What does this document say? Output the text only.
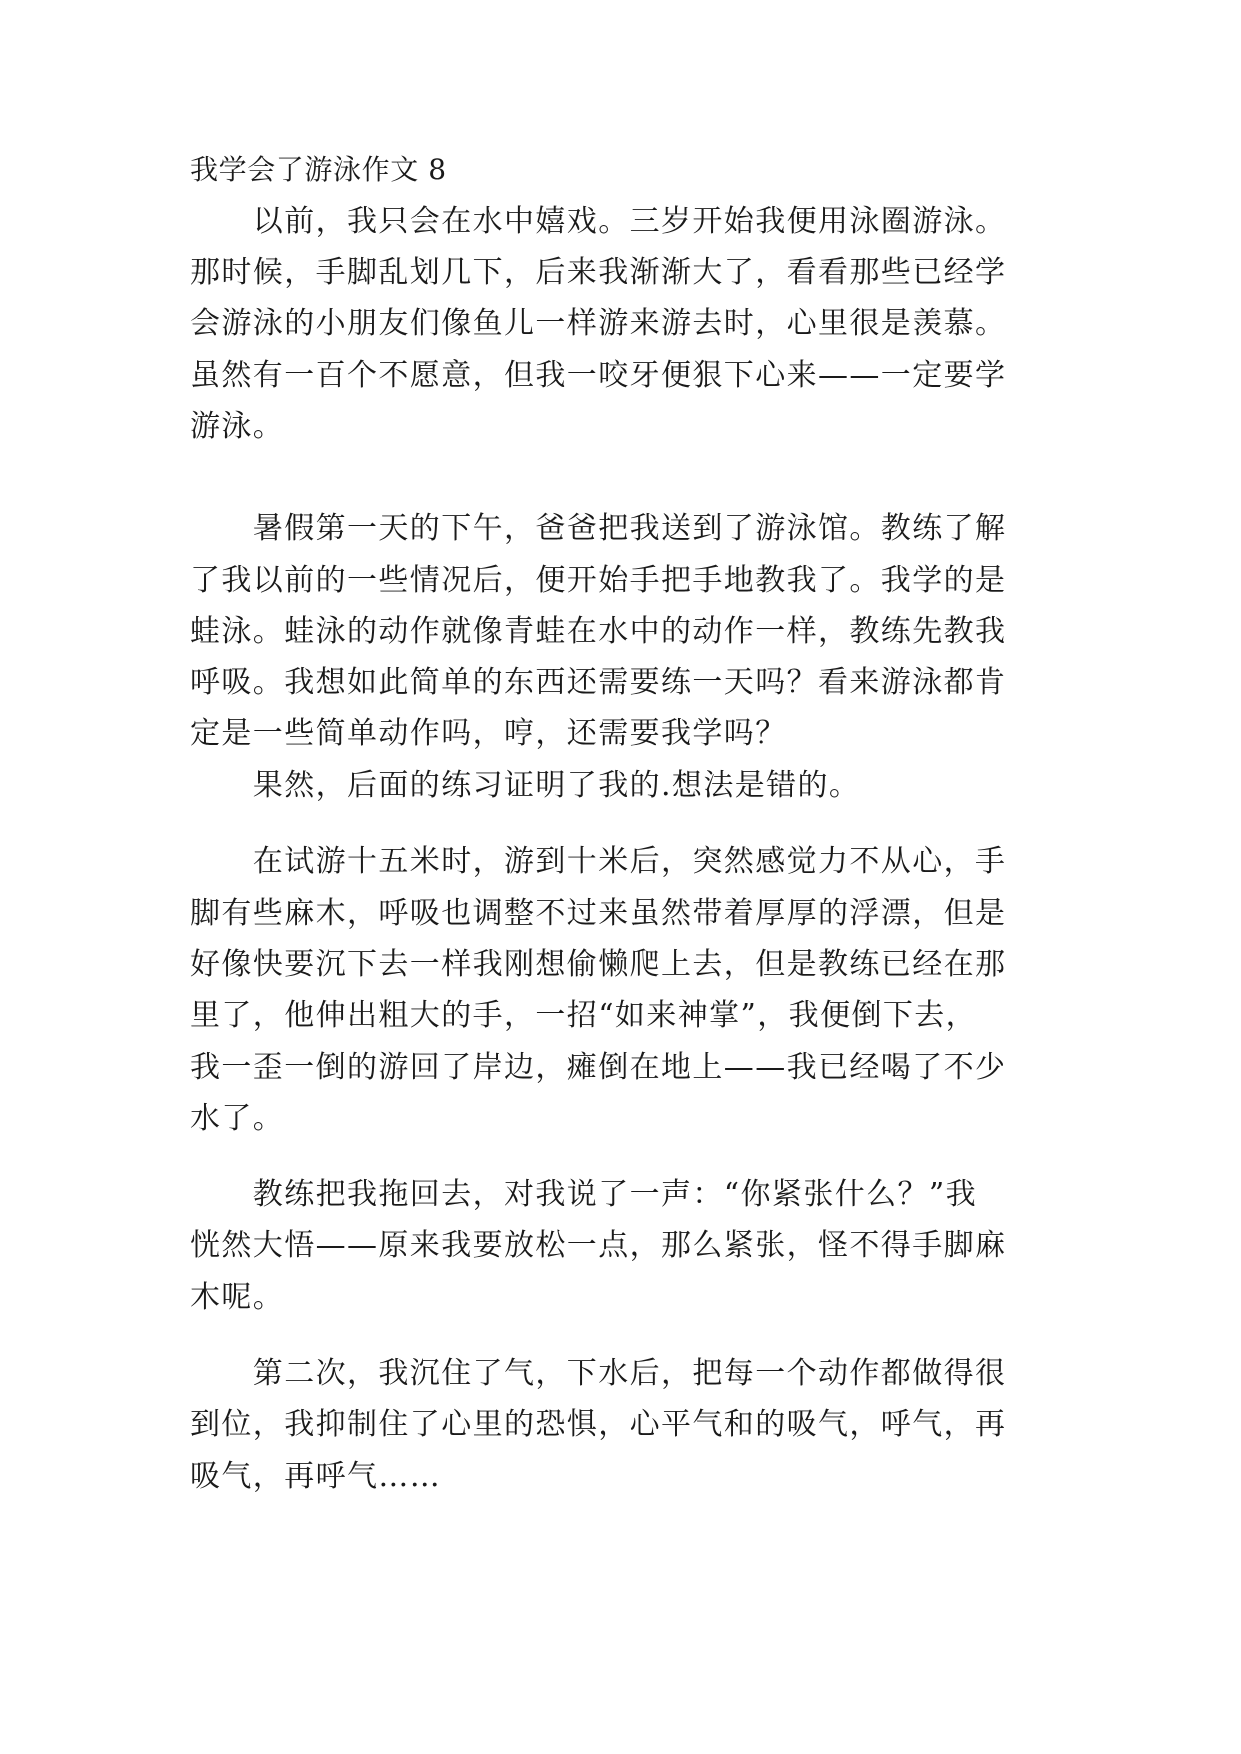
我学会了游泳作文 8

　　以前，我只会在水中嬉戏。三岁开始我便用泳圈游泳。

那时候，手脚乱划几下，后来我渐渐大了，看看那些已经学

会游泳的小朋友们像鱼儿一样游来游去时，心里很是羡慕。

虽然有一百个不愿意，但我一咬牙便狠下心来——一定要学

游泳。

　　暑假第一天的下午，爸爸把我送到了游泳馆。教练了解

了我以前的一些情况后，便开始手把手地教我了。我学的是

蛙泳。蛙泳的动作就像青蛙在水中的动作一样，教练先教我

呼吸。我想如此简单的东西还需要练一天吗？看来游泳都肯

定是一些简单动作吗，哼，还需要我学吗？

　　果然，后面的练习证明了我的.想法是错的。

　　在试游十五米时，游到十米后，突然感觉力不从心，手

脚有些麻木，呼吸也调整不过来虽然带着厚厚的浮漂，但是

好像快要沉下去一样我刚想偷懒爬上去，但是教练已经在那

里了，他伸出粗大的手，一招“如来神掌”，我便倒下去，

我一歪一倒的游回了岸边，瘫倒在地上——我已经喝了不少

水了。

　　教练把我拖回去，对我说了一声：“你紧张什么？”我

恍然大悟——原来我要放松一点，那么紧张，怪不得手脚麻

木呢。

　　第二次，我沉住了气，下水后，把每一个动作都做得很

到位，我抑制住了心里的恐惧，心平气和的吸气，呼气，再

吸气，再呼气……
